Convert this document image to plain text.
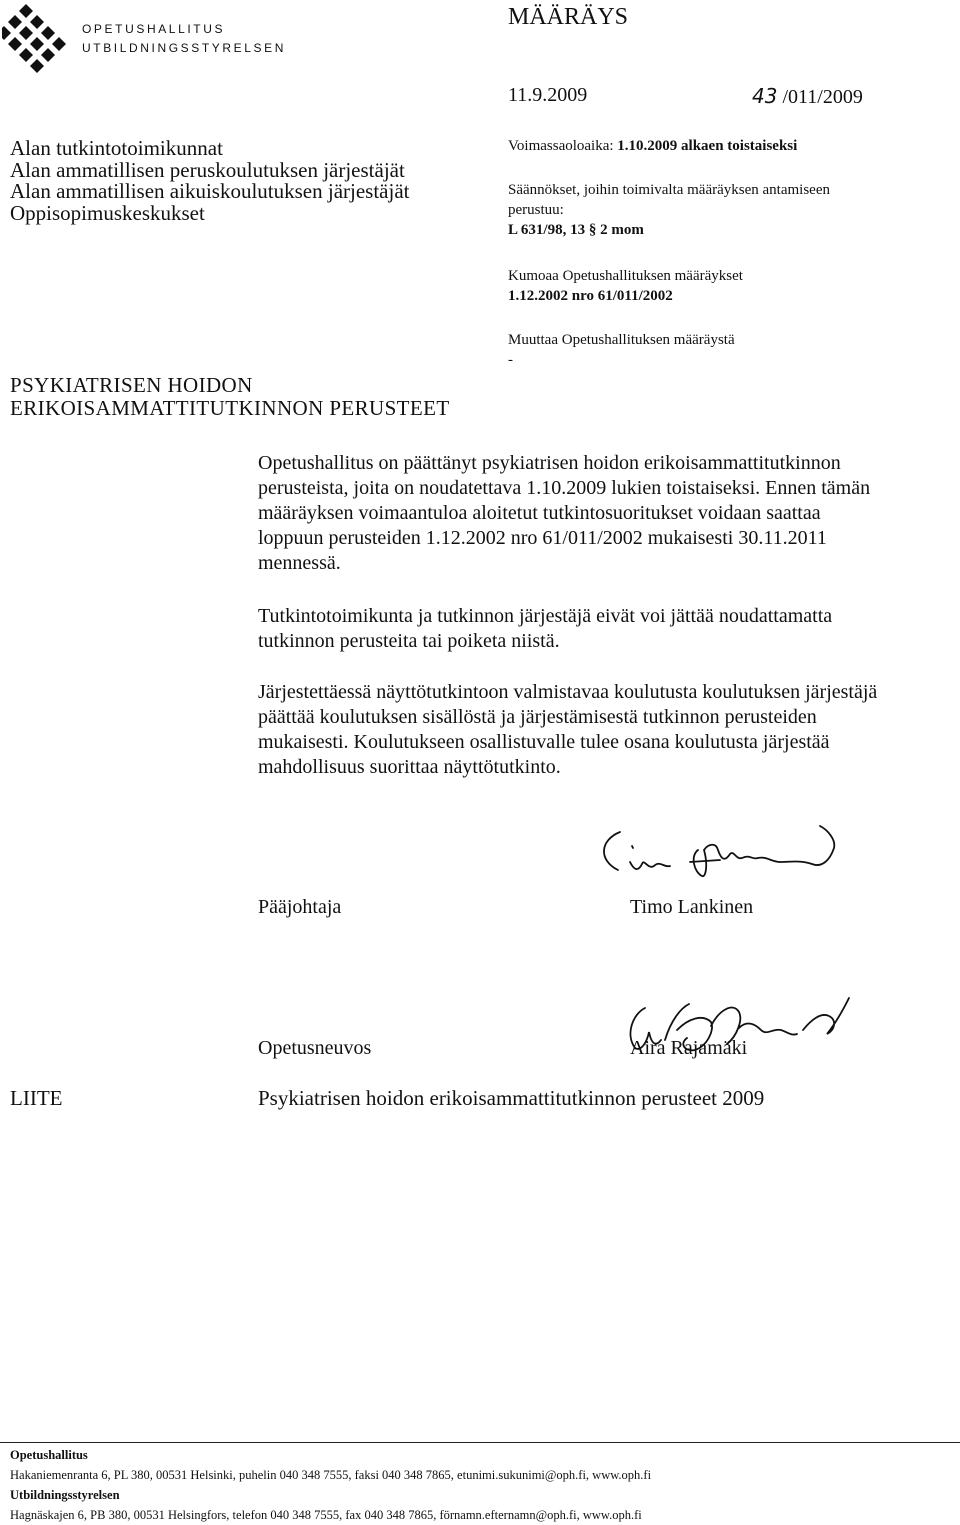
OPETUSHALLITUS
UTBILDNINGSSTYRELSEN
MÄÄRÄYS
11.9.2009	43 /011/2009
Alan tutkintotoimikunnat
Alan ammatillisen peruskoulutuksen järjestäjät
Alan ammatillisen aikuiskoulutuksen järjestäjät
Oppisopimuskeskukset
Voimassaoloaika: 1.10.2009 alkaen toistaiseksi
Säännökset, joihin toimivalta määräyksen antamiseen
perustuu:
L 631/98, 13 § 2 mom
Kumoaa Opetushallituksen määräykset
1.12.2002 nro 61/011/2002
Muuttaa Opetushallituksen määräystä
-
PSYKIATRISEN HOIDON
ERIKOISAMMATTITUTKINNON PERUSTEET
Opetushallitus on päättänyt psykiatrisen hoidon erikoisammattitutkinnon
perusteista, joita on noudatettava 1.10.2009 lukien toistaiseksi. Ennen tämän
määräyksen voimaantuloa aloitetut tutkintosuoritukset voidaan saattaa
loppuun perusteiden 1.12.2002 nro 61/011/2002 mukaisesti 30.11.2011
mennessä.
Tutkintotoimikunta ja tutkinnon järjestäjä eivät voi jättää noudattamatta
tutkinnon perusteita tai poiketa niistä.
Järjestettäessä näyttötutkintoon valmistavaa koulutusta koulutuksen järjestäjä
päättää koulutuksen sisällöstä ja järjestämisestä tutkinnon perusteiden
mukaisesti. Koulutukseen osallistuvalle tulee osana koulutusta järjestää
mahdollisuus suorittaa näyttötutkinto.
Pääjohtaja	Timo Lankinen
Opetusneuvos	Aira Rajamäki
LIITE	Psykiatrisen hoidon erikoisammattitutkinnon perusteet 2009
Opetushallitus
Hakaniemenranta 6, PL 380, 00531 Helsinki, puhelin 040 348 7555, faksi 040 348 7865, etunimi.sukunimi@oph.fi, www.oph.fi
Utbildningsstyrelsen
Hagnäskajen 6, PB 380, 00531 Helsingfors, telefon 040 348 7555, fax 040 348 7865, förnamn.efternamn@oph.fi, www.oph.fi
